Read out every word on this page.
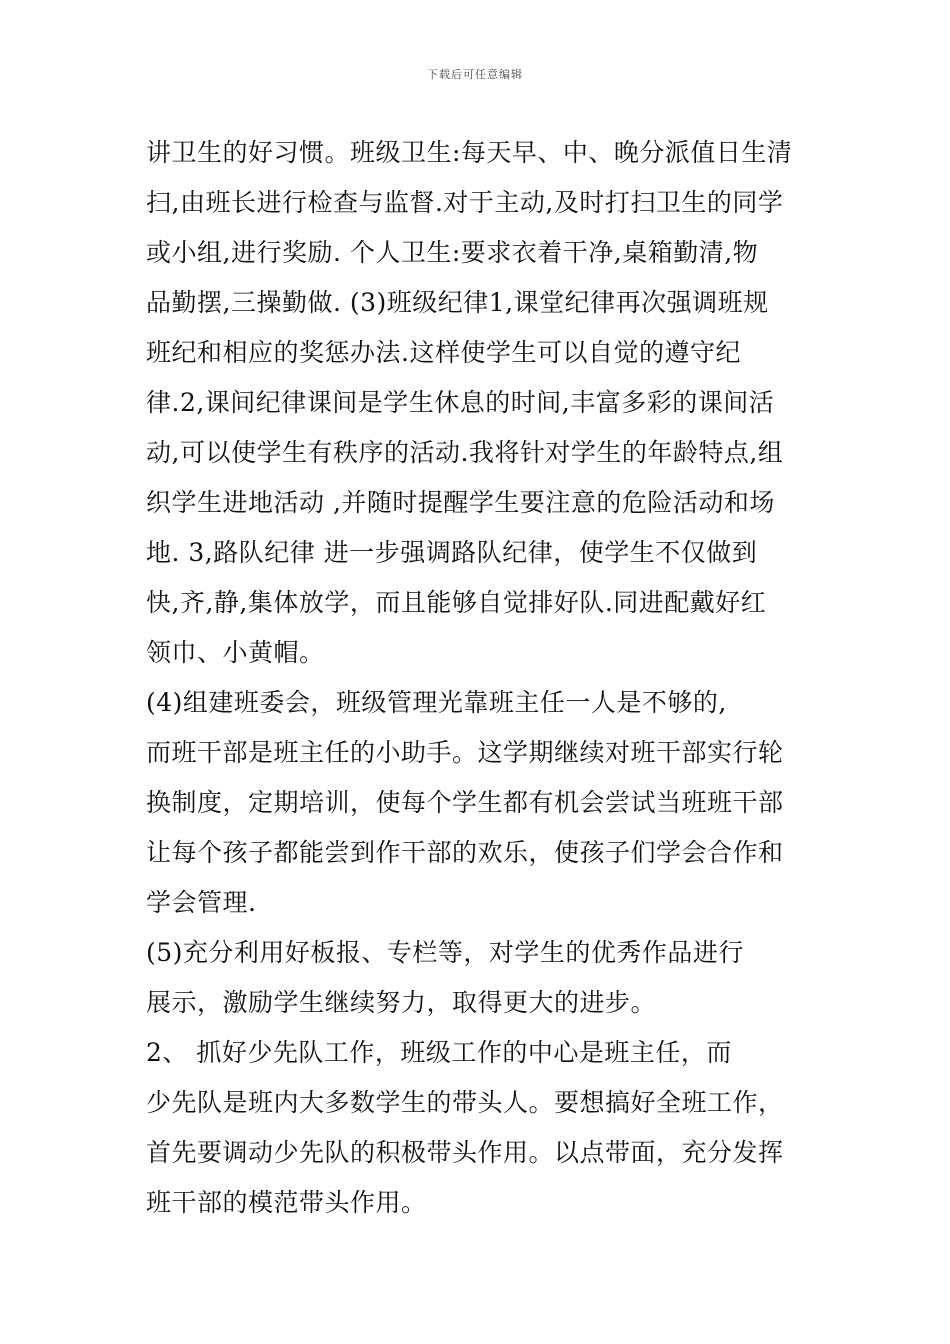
下载后可任意编辑
讲卫生的好习惯。班级卫生:每天早、中、晚分派值日生清
扫,由班长进行检查与监督.对于主动,及时打扫卫生的同学
或小组,进行奖励. 个人卫生:要求衣着干净,桌箱勤清,物
品勤摆,三操勤做. (3)班级纪律1,课堂纪律再次强调班规
班纪和相应的奖惩办法.这样使学生可以自觉的遵守纪
律.2,课间纪律课间是学生休息的时间,丰富多彩的课间活
动,可以使学生有秩序的活动.我将针对学生的年龄特点,组
织学生进地活动 ,并随时提醒学生要注意的危险活动和场
地. 3,路队纪律 进一步强调路队纪律，使学生不仅做到
快,齐,静,集体放学，而且能够自觉排好队.同进配戴好红
领巾、小黄帽。
(4)组建班委会，班级管理光靠班主任一人是不够的,
而班干部是班主任的小助手。这学期继续对班干部实行轮
换制度，定期培训，使每个学生都有机会尝试当班班干部
让每个孩子都能尝到作干部的欢乐，使孩子们学会合作和
学会管理.
(5)充分利用好板报、专栏等，对学生的优秀作品进行
展示，激励学生继续努力，取得更大的进步。
2、 抓好少先队工作，班级工作的中心是班主任，而
少先队是班内大多数学生的带头人。要想搞好全班工作，
首先要调动少先队的积极带头作用。以点带面，充分发挥
班干部的模范带头作用。
